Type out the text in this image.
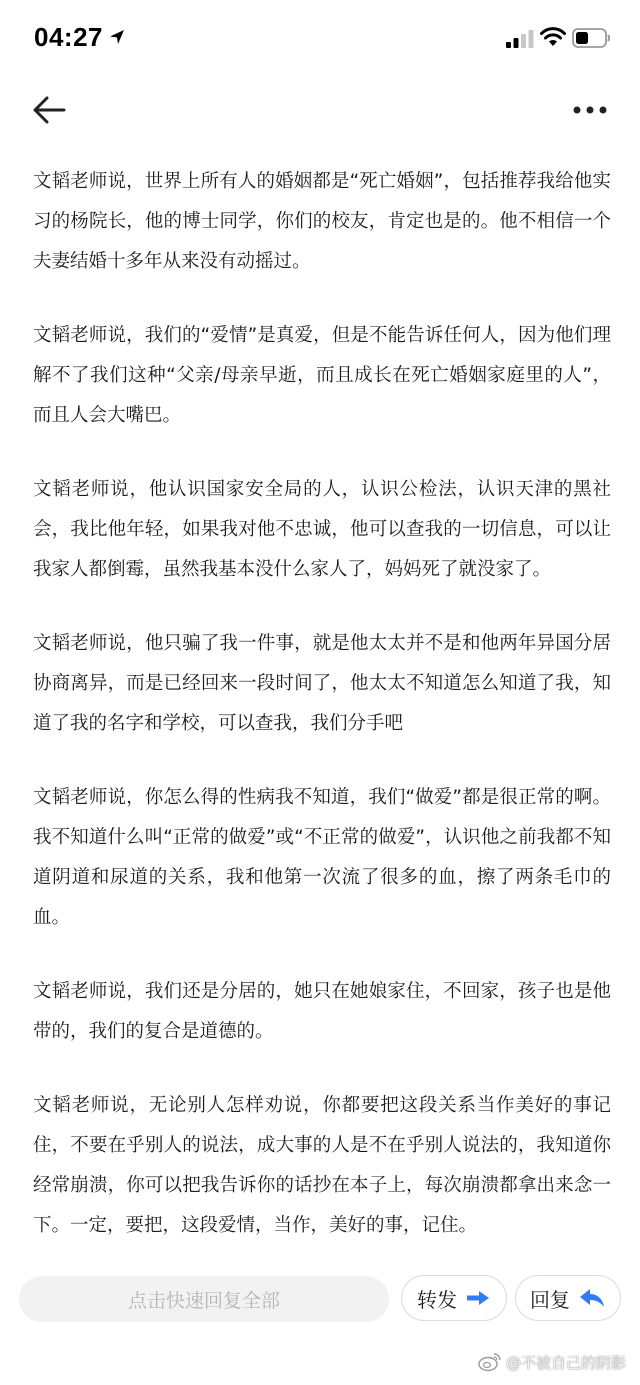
04:27

文韬老师说，世界上所有人的婚姻都是“死亡婚姻”，包括推荐我给他实习的杨院长，他的博士同学，你们的校友，肯定也是的。他不相信一个夫妻结婚十多年从来没有动摇过。

文韬老师说，我们的“爱情”是真爱，但是不能告诉任何人，因为他们理解不了我们这种“父亲/母亲早逝，而且成长在死亡婚姻家庭里的人”，而且人会大嘴巴。

文韬老师说，他认识国家安全局的人，认识公检法，认识天津的黑社会，我比他年轻，如果我对他不忠诚，他可以查我的一切信息，可以让我家人都倒霉，虽然我基本没什么家人了，妈妈死了就没家了。

文韬老师说，他只骗了我一件事，就是他太太并不是和他两年异国分居协商离异，而是已经回来一段时间了，他太太不知道怎么知道了我，知道了我的名字和学校，可以查我，我们分手吧

文韬老师说，你怎么得的性病我不知道，我们“做爱”都是很正常的啊。我不知道什么叫“正常的做爱”或“不正常的做爱”，认识他之前我都不知道阴道和尿道的关系，我和他第一次流了很多的血，擦了两条毛巾的血。

文韬老师说，我们还是分居的，她只在她娘家住，不回家，孩子也是他带的，我们的复合是道德的。

文韬老师说，无论别人怎样劝说，你都要把这段关系当作美好的事记住，不要在乎别人的说法，成大事的人是不在乎别人说法的，我知道你经常崩溃，你可以把我告诉你的话抄在本子上，每次崩溃都拿出来念一下。一定，要把，这段爱情，当作，美好的事，记住。

点击快速回复全部	转发	回复
@不被自己的阴影
